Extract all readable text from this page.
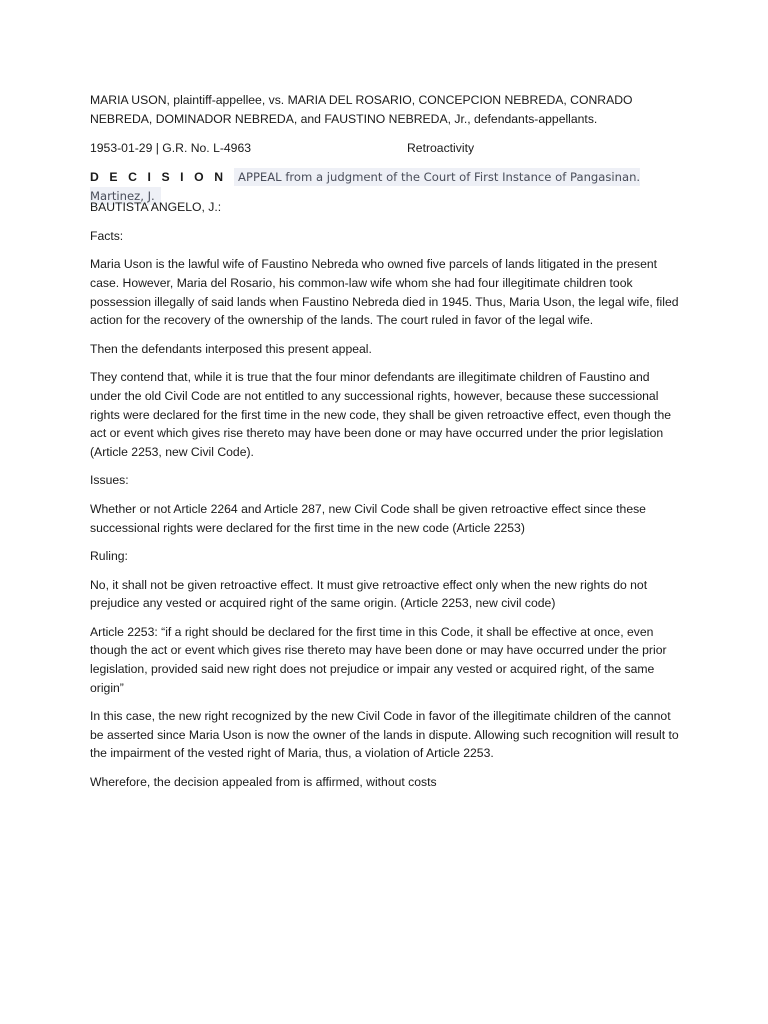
MARIA USON, plaintiff-appellee, vs. MARIA DEL ROSARIO, CONCEPCION NEBREDA, CONRADO NEBREDA, DOMINADOR NEBREDA, and FAUSTINO NEBREDA, Jr., defendants-appellants.

1953-01-29 | G.R. No. L-4963	Retroactivity
D E C I S I O N APPEAL from a judgment of the Court of First Instance of Pangasinan. Martinez, J.

BAUTISTA ANGELO, J.:

Facts:

Maria Uson is the lawful wife of Faustino Nebreda who owned five parcels of lands litigated in the present case. However, Maria del Rosario, his common-law wife whom she had four illegitimate children took possession illegally of said lands when Faustino Nebreda died in 1945. Thus, Maria Uson, the legal wife, filed action for the recovery of the ownership of the lands. The court ruled in favor of the legal wife.

Then the defendants interposed this present appeal.

They contend that, while it is true that the four minor defendants are illegitimate children of Faustino and under the old Civil Code are not entitled to any successional rights, however, because these successional rights were declared for the first time in the new code, they shall be given retroactive effect, even though the act or event which gives rise thereto may have been done or may have occurred under the prior legislation (Article 2253, new Civil Code).

Issues:

Whether or not Article 2264 and Article 287, new Civil Code shall be given retroactive effect since these successional rights were declared for the first time in the new code (Article 2253)

Ruling:

No, it shall not be given retroactive effect. It must give retroactive effect only when the new rights do not prejudice any vested or acquired right of the same origin. (Article 2253, new civil code)

Article 2253: “if a right should be declared for the first time in this Code, it shall be effective at once, even though the act or event which gives rise thereto may have been done or may have occurred under the prior legislation, provided said new right does not prejudice or impair any vested or acquired right, of the same origin”

In this case, the new right recognized by the new Civil Code in favor of the illegitimate children of the cannot be asserted since Maria Uson is now the owner of the lands in dispute. Allowing such recognition will result to the impairment of the vested right of Maria, thus, a violation of Article 2253.

Wherefore, the decision appealed from is affirmed, without costs
